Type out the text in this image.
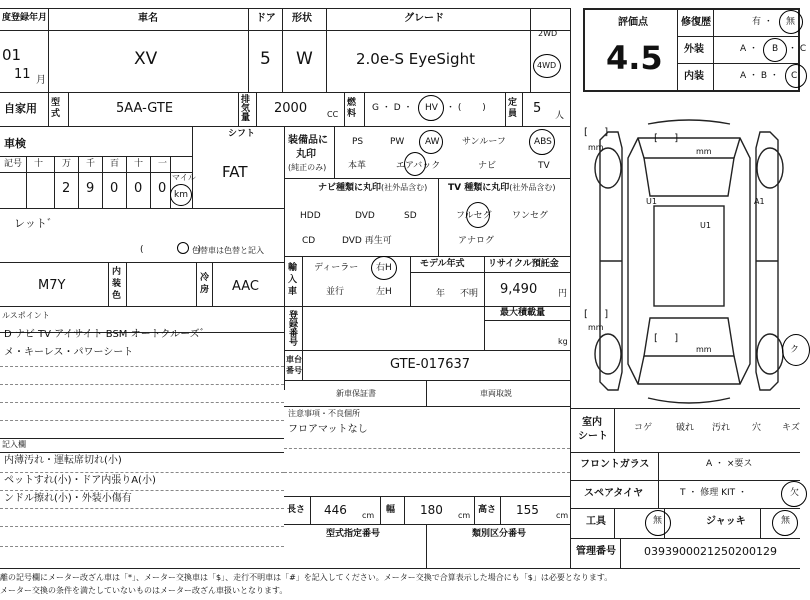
度登録年月
01
11 月
車名
XV
ドア
5
形状
W
グレード
2.0e-S EyeSight
2WD
4WD
自家用 型式	5AA-GTE
排気量
2000 CC
燃料
G ・ D ・ HV ・ (　　 ) 定員 5 人
評価点
4.5
修復歴	有 ・ 無
外装	A ・ B ・ C
内装	A ・ B ・ C
車検
シフト
FAT
記号 十 万 千 百 十 一
2 9 0 0 0
マイル
km
装備品に
丸印
(純正のみ)
PS	PW AW サンルーフ	ABS
本革	エアバック	ナビ	TV
ナビ種類に丸印(社外品含む)
HDD	DVD	SD
CD	DVD 再生可
TV 種類に丸印(社外品含む)
フルセグ ワンセグ
アナログ
レット゛
(　　　　　　)
色替車は色替と記入
M7Y
内
装
色
冷
房 AAC
輸
入
車
ディーラー
並行
右H
左H
モデル年式
年 不明
リサイクル預託金
9,490 円
登録番号
最大積載量
kg
車台
番号	GTE-017637
新車保証書	車両取説
注意事項・不良個所
フロアマットなし
長さ 446 cm
幅 180 cm
高さ 155 cm
型式指定番号	類別区分番号
ルスポイント
D ナビ TV アイサイト BSM オートクルーズ゛
メ・キーレス・パワーシート
記入欄
内薄汚れ・運転席切れ(小)
ペットすれ(小)・ドア内張りA(小)
ンドル擦れ(小)・外装小傷有
[ 　 ]
mm
[ 　 ]
mm
[ 　 ]
mm
[ 　 ]
mm
U1	A1
U1
ク
室内
シート
コゲ	破れ 汚れ 穴 キズ
フロントガラス	A ・ ×要ス
スペアタイヤ	T ・ 修理 KIT ・	欠
工具	無	ジャッキ	無
管理番号	0393900021250200129
離の記号欄にメーター改ざん車は「*」、メーター交換車は「$」、走行不明車は「#」を記入してください。メーター交換で合算表示した場合にも「$」は必要となります。
メーター交換の条件を満たしていないものはメーター改ざん車扱いとなります。
